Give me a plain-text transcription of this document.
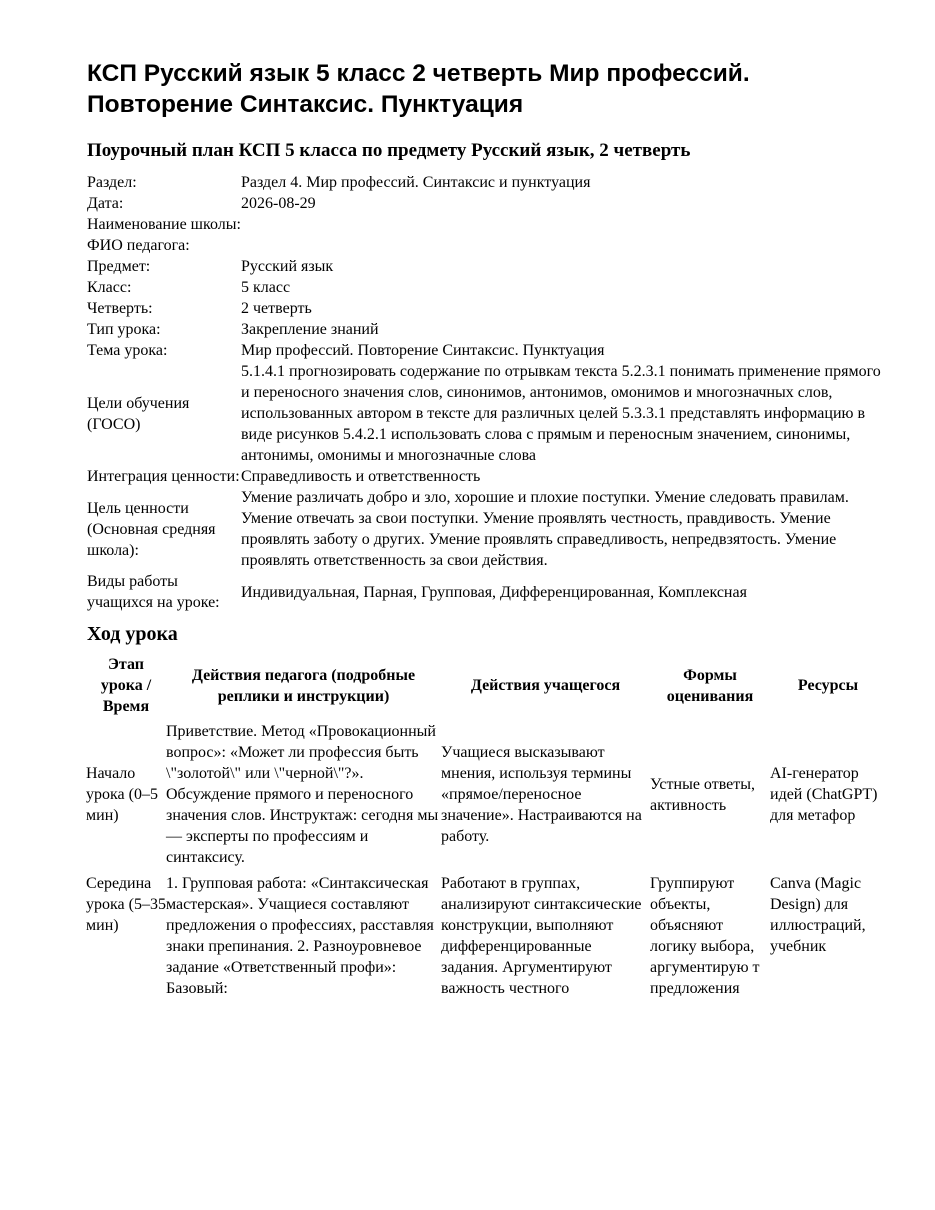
КСП Русский язык 5 класс 2 четверть Мир профессий. Повторение Синтаксис. Пунктуация
Поурочный план КСП 5 класса по предмету Русский язык, 2 четверть
Раздел:	Раздел 4. Мир профессий. Синтаксис и пунктуация
Дата:	2026-08-29
Наименование школы:	
ФИО педагога:	
Предмет:	Русский язык
Класс:	5 класс
Четверть:	2 четверть
Тип урока:	Закрепление знаний
Тема урока:	Мир профессий. Повторение Синтаксис. Пунктуация
Цели обучения (ГОСО)	5.1.4.1 прогнозировать содержание по отрывкам текста 5.2.3.1 понимать применение прямого и переносного значения слов, синонимов, антонимов, омонимов и многозначных слов, использованных автором в тексте для различных целей 5.3.3.1 представлять информацию в виде рисунков 5.4.2.1 использовать слова с прямым и переносным значением, синонимы, антонимы, омонимы и многозначные слова
Интеграция ценности:	Справедливость и ответственность
Цель ценности (Основная средняя школа):	Умение различать добро и зло, хорошие и плохие поступки. Умение следовать правилам. Умение отвечать за свои поступки. Умение проявлять честность, правдивость. Умение проявлять заботу о других. Умение проявлять справедливость, непредвзятость. Умение проявлять ответственность за свои действия.
Виды работы учащихся на уроке:	Индивидуальная, Парная, Групповая, Дифференцированная, Комплексная
Ход урока
Этап урока / Время	Действия педагога (подробные реплики и инструкции)	Действия учащегося	Формы оценивания	Ресурсы
Начало урока (0–5 мин)	Приветствие. Метод «Провокационный вопрос»: «Может ли профессия быть \"золотой\" или \"черной\"?». Обсуждение прямого и переносного значения слов. Инструктаж: сегодня мы — эксперты по профессиям и синтаксису.	Учащиеся высказывают мнения, используя термины «прямое/переносное значение». Настраиваются на работу.	Устные ответы, активность	AI-генератор идей (ChatGPT) для метафор
Середина урока (5–35 мин)	1. Групповая работа: «Синтаксическая мастерская». Учащиеся составляют предложения о профессиях, расставляя знаки препинания. 2. Разноуровневое задание «Ответственный профи»: Базовый:	Работают в группах, анализируют синтаксические конструкции, выполняют дифференцированные задания. Аргументируют важность честного	Группируют объекты, объясняют логику выбора, аргументирую т предложения	Canva (Magic Design) для иллюстраций, учебник
